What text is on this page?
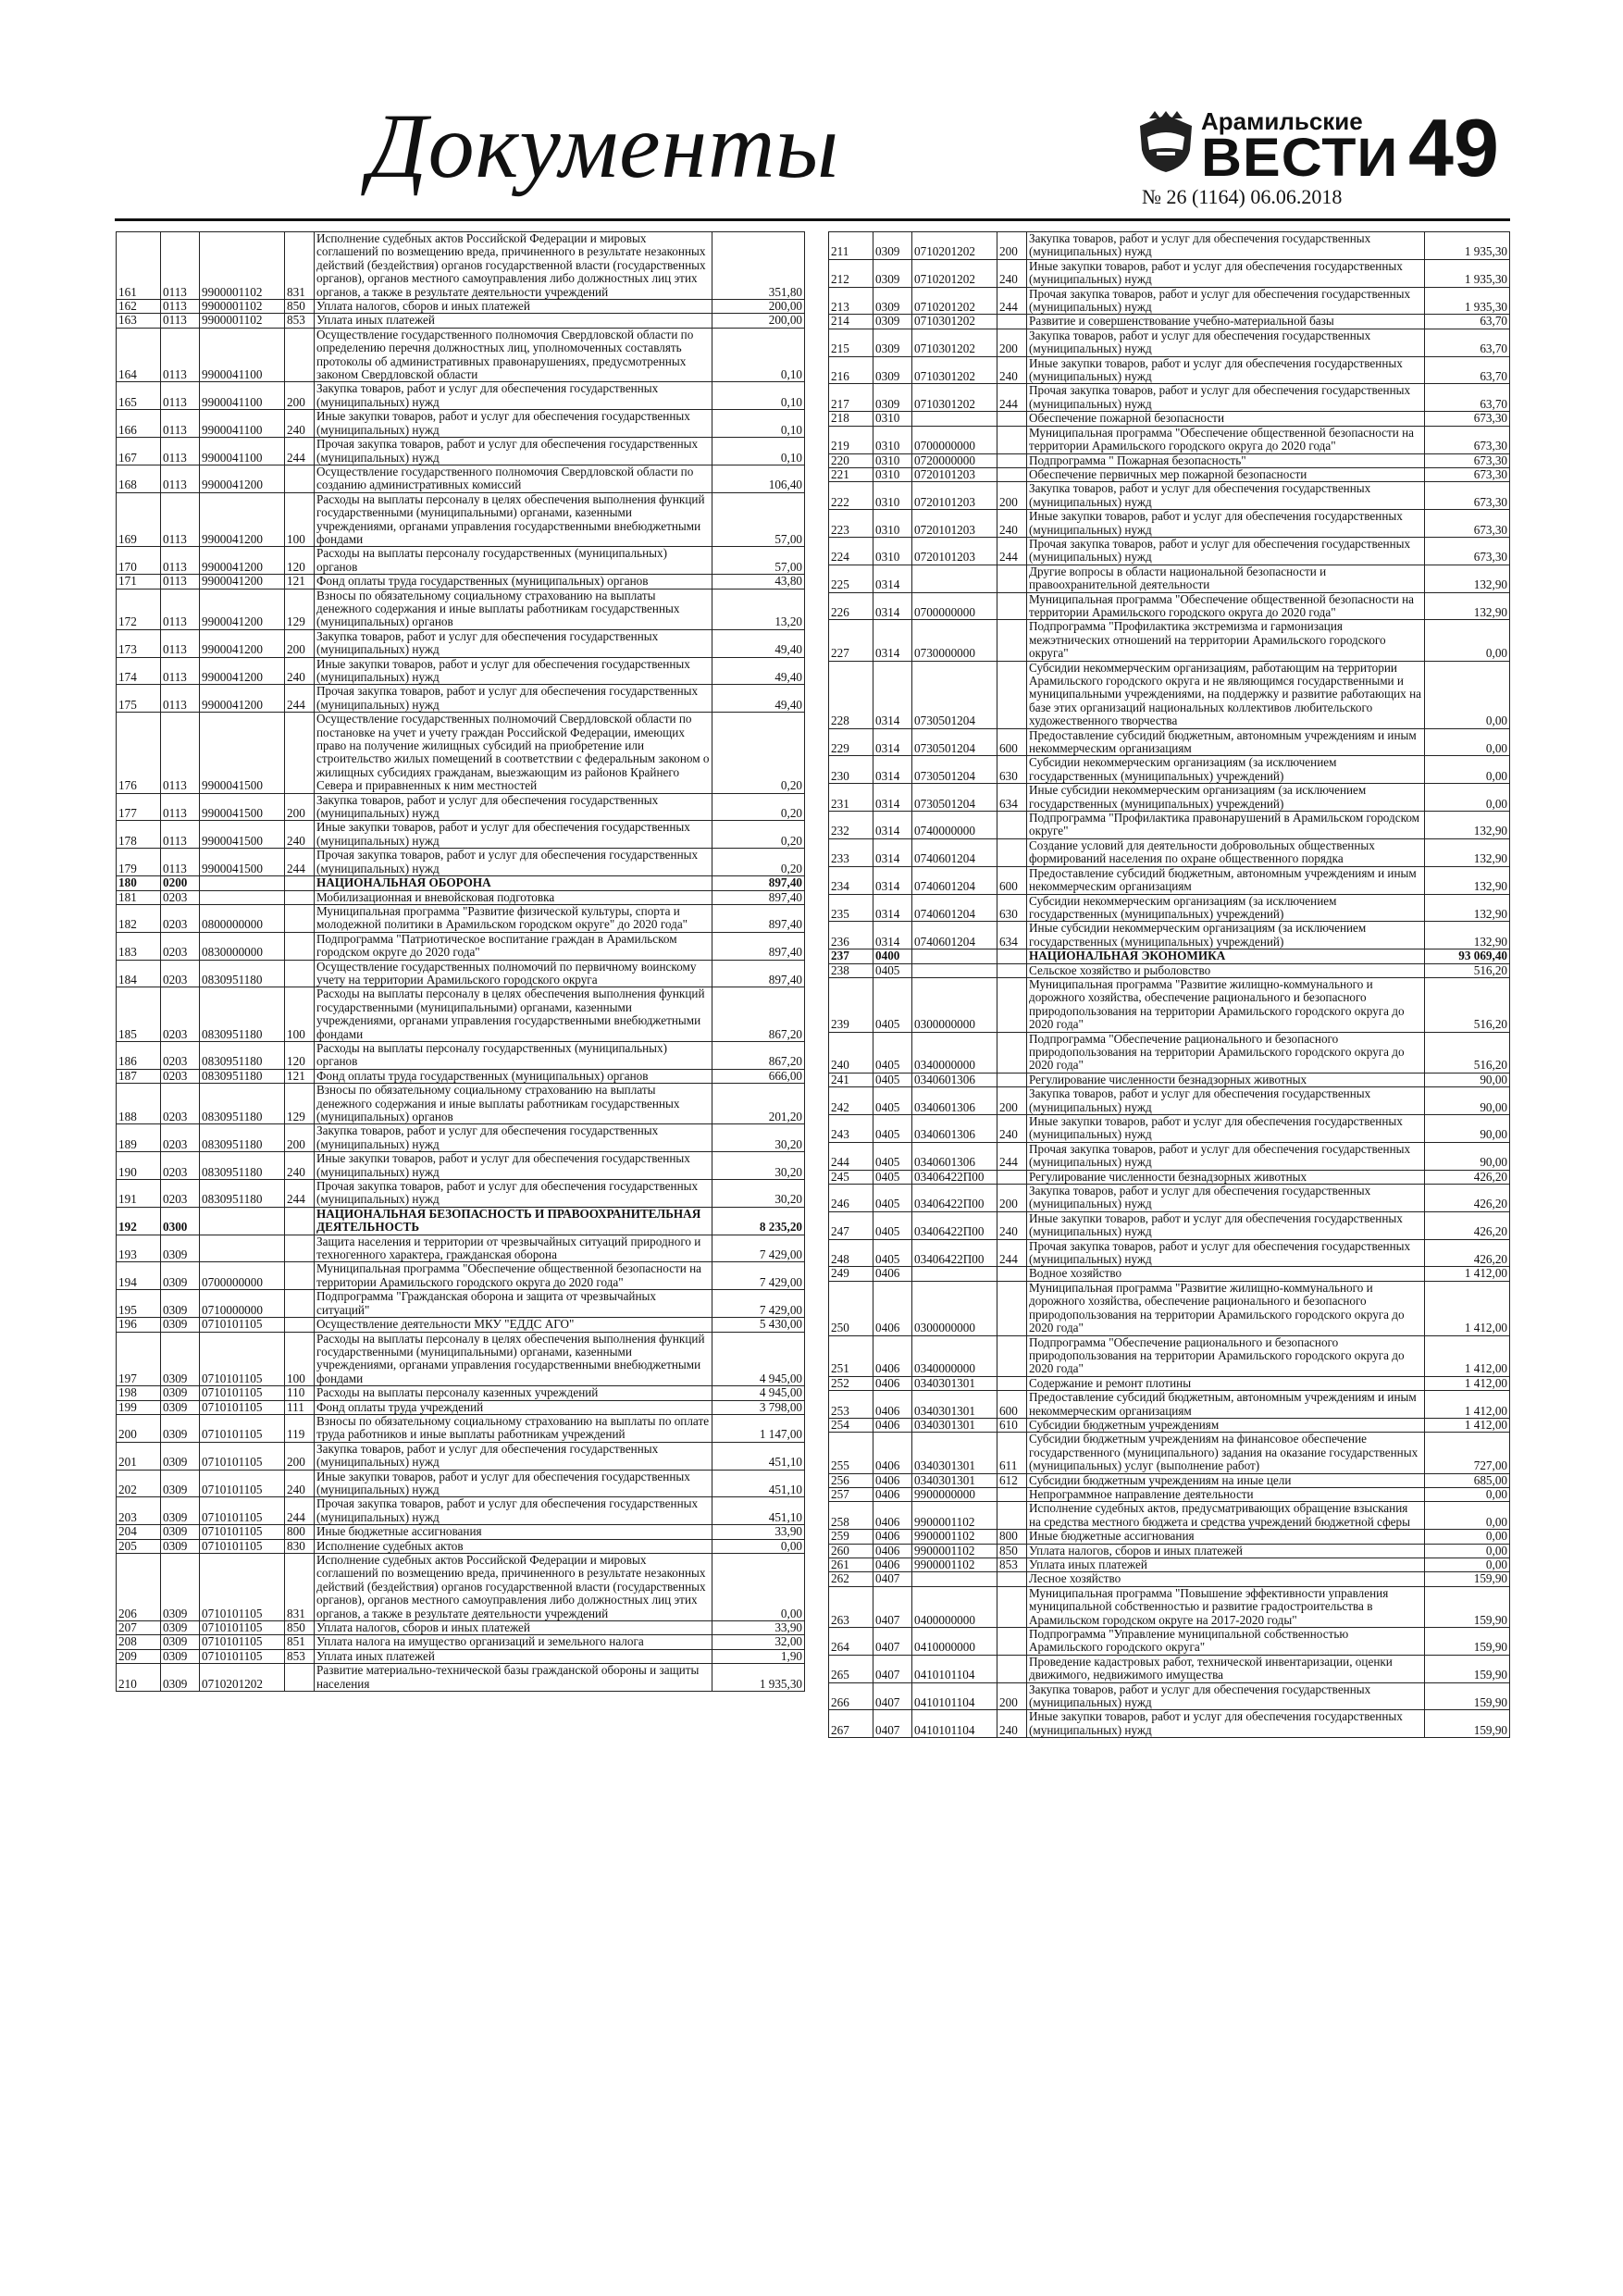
Документы	Арамильские
ВЕСТИ
№ 26 (1164) 06.06.2018
49
161	0113	9900001102	831	Исполнение судебных актов Российской Федерации и мировых соглашений по возмещению вреда, причиненного в результате незаконных действий (бездействия) органов государственной власти (государственных органов), органов местного самоуправления либо должностных лиц этих органов, а также в результате деятельности учреждений	351,80
162	0113	9900001102	850	Уплата налогов, сборов и иных платежей	200,00
163	0113	9900001102	853	Уплата иных платежей	200,00
164	0113	9900041100		Осуществление государственного полномочия Свердловской области по определению перечня должностных лиц, уполномоченных составлять протоколы об административных правонарушениях, предусмотренных законом Свердловской области	0,10
165	0113	9900041100	200	Закупка товаров, работ и услуг для обеспечения государственных (муниципальных) нужд	0,10
166	0113	9900041100	240	Иные закупки товаров, работ и услуг для обеспечения государственных (муниципальных) нужд	0,10
167	0113	9900041100	244	Прочая закупка товаров, работ и услуг для обеспечения государственных (муниципальных) нужд	0,10
168	0113	9900041200		Осуществление государственного полномочия Свердловской области по созданию административных комиссий	106,40
169	0113	9900041200	100	Расходы на выплаты персоналу в целях обеспечения выполнения функций государственными (муниципальными) органами, казенными учреждениями, органами управления государственными внебюджетными фондами	57,00
170	0113	9900041200	120	Расходы на выплаты персоналу государственных (муниципальных) органов	57,00
171	0113	9900041200	121	Фонд оплаты труда государственных (муниципальных) органов	43,80
172	0113	9900041200	129	Взносы по обязательному социальному страхованию на выплаты денежного содержания и иные выплаты работникам государственных (муниципальных) органов	13,20
173	0113	9900041200	200	Закупка товаров, работ и услуг для обеспечения государственных (муниципальных) нужд	49,40
174	0113	9900041200	240	Иные закупки товаров, работ и услуг для обеспечения государственных (муниципальных) нужд	49,40
175	0113	9900041200	244	Прочая закупка товаров, работ и услуг для обеспечения государственных (муниципальных) нужд	49,40
176	0113	9900041500		Осуществление государственных полномочий Свердловской области по постановке на учет и учету граждан Российской Федерации, имеющих право на получение жилищных субсидий на приобретение или строительство жилых помещений в соответствии с федеральным законом о жилищных субсидиях гражданам, выезжающим из районов Крайнего Севера и приравненных к ним местностей	0,20
177	0113	9900041500	200	Закупка товаров, работ и услуг для обеспечения государственных (муниципальных) нужд	0,20
178	0113	9900041500	240	Иные закупки товаров, работ и услуг для обеспечения государственных (муниципальных) нужд	0,20
179	0113	9900041500	244	Прочая закупка товаров, работ и услуг для обеспечения государственных (муниципальных) нужд	0,20
180	0200			НАЦИОНАЛЬНАЯ ОБОРОНА	897,40
181	0203			Мобилизационная и вневойсковая подготовка	897,40
182	0203	0800000000		Муниципальная программа "Развитие физической культуры, спорта и молодежной политики в Арамильском городском округе" до 2020 года"	897,40
183	0203	0830000000		Подпрограмма "Патриотическое воспитание граждан в Арамильском городском округе до 2020 года"	897,40
184	0203	0830951180		Осуществление государственных полномочий по первичному воинскому учету на территории Арамильского городского округа	897,40
185	0203	0830951180	100	Расходы на выплаты персоналу в целях обеспечения выполнения функций государственными (муниципальными) органами, казенными учреждениями, органами управления государственными внебюджетными фондами	867,20
186	0203	0830951180	120	Расходы на выплаты персоналу государственных (муниципальных) органов	867,20
187	0203	0830951180	121	Фонд оплаты труда государственных (муниципальных) органов	666,00
188	0203	0830951180	129	Взносы по обязательному социальному страхованию на выплаты денежного содержания и иные выплаты работникам государственных (муниципальных) органов	201,20
189	0203	0830951180	200	Закупка товаров, работ и услуг для обеспечения государственных (муниципальных) нужд	30,20
190	0203	0830951180	240	Иные закупки товаров, работ и услуг для обеспечения государственных (муниципальных) нужд	30,20
191	0203	0830951180	244	Прочая закупка товаров, работ и услуг для обеспечения государственных (муниципальных) нужд	30,20
192	0300			НАЦИОНАЛЬНАЯ БЕЗОПАСНОСТЬ И ПРАВООХРАНИТЕЛЬНАЯ ДЕЯТЕЛЬНОСТЬ	8 235,20
193	0309			Защита населения и территории от чрезвычайных ситуаций природного и техногенного характера, гражданская оборона	7 429,00
194	0309	0700000000		Муниципальная программа "Обеспечение общественной безопасности на территории Арамильского городского округа до 2020 года"	7 429,00
195	0309	0710000000		Подпрограмма "Гражданская оборона и защита от чрезвычайных ситуаций"	7 429,00
196	0309	0710101105		Осуществление деятельности МКУ "ЕДДС АГО"	5 430,00
197	0309	0710101105	100	Расходы на выплаты персоналу в целях обеспечения выполнения функций государственными (муниципальными) органами, казенными учреждениями, органами управления государственными внебюджетными фондами	4 945,00
198	0309	0710101105	110	Расходы на выплаты персоналу казенных учреждений	4 945,00
199	0309	0710101105	111	Фонд оплаты труда учреждений	3 798,00
200	0309	0710101105	119	Взносы по обязательному социальному страхованию на выплаты по оплате труда работников и иные выплаты работникам учреждений	1 147,00
201	0309	0710101105	200	Закупка товаров, работ и услуг для обеспечения государственных (муниципальных) нужд	451,10
202	0309	0710101105	240	Иные закупки товаров, работ и услуг для обеспечения государственных (муниципальных) нужд	451,10
203	0309	0710101105	244	Прочая закупка товаров, работ и услуг для обеспечения государственных (муниципальных) нужд	451,10
204	0309	0710101105	800	Иные бюджетные ассигнования	33,90
205	0309	0710101105	830	Исполнение судебных актов	0,00
206	0309	0710101105	831	Исполнение судебных актов Российской Федерации и мировых соглашений по возмещению вреда, причиненного в результате незаконных действий (бездействия) органов государственной власти (государственных органов), органов местного самоуправления либо должностных лиц этих органов, а также в результате деятельности учреждений	0,00
207	0309	0710101105	850	Уплата налогов, сборов и иных платежей	33,90
208	0309	0710101105	851	Уплата налога на имущество организаций и земельного налога	32,00
209	0309	0710101105	853	Уплата иных платежей	1,90
210	0309	0710201202		Развитие материально-технической базы гражданской обороны и защиты населения	1 935,30
211	0309	0710201202	200	Закупка товаров, работ и услуг для обеспечения государственных (муниципальных) нужд	1 935,30
212	0309	0710201202	240	Иные закупки товаров, работ и услуг для обеспечения государственных (муниципальных) нужд	1 935,30
213	0309	0710201202	244	Прочая закупка товаров, работ и услуг для обеспечения государственных (муниципальных) нужд	1 935,30
214	0309	0710301202		Развитие и совершенствование учебно-материальной базы	63,70
215	0309	0710301202	200	Закупка товаров, работ и услуг для обеспечения государственных (муниципальных) нужд	63,70
216	0309	0710301202	240	Иные закупки товаров, работ и услуг для обеспечения государственных (муниципальных) нужд	63,70
217	0309	0710301202	244	Прочая закупка товаров, работ и услуг для обеспечения государственных (муниципальных) нужд	63,70
218	0310			Обеспечение пожарной безопасности	673,30
219	0310	0700000000		Муниципальная программа "Обеспечение общественной безопасности на территории Арамильского городского округа до 2020 года"	673,30
220	0310	0720000000		Подпрограмма " Пожарная безопасность"	673,30
221	0310	0720101203		Обеспечение первичных мер пожарной безопасности	673,30
222	0310	0720101203	200	Закупка товаров, работ и услуг для обеспечения государственных (муниципальных) нужд	673,30
223	0310	0720101203	240	Иные закупки товаров, работ и услуг для обеспечения государственных (муниципальных) нужд	673,30
224	0310	0720101203	244	Прочая закупка товаров, работ и услуг для обеспечения государственных (муниципальных) нужд	673,30
225	0314			Другие вопросы в области национальной безопасности и правоохранительной деятельности	132,90
226	0314	0700000000		Муниципальная программа "Обеспечение общественной безопасности на территории Арамильского городского округа до 2020 года"	132,90
227	0314	0730000000		Подпрограмма "Профилактика экстремизма и гармонизация межэтнических отношений на территории Арамильского городского округа"	0,00
228	0314	0730501204		Субсидии некоммерческим организациям, работающим на территории Арамильского городского округа и не являющимся государственными и муниципальными учреждениями, на поддержку и развитие работающих на базе этих организаций национальных коллективов любительского художественного творчества	0,00
229	0314	0730501204	600	Предоставление субсидий бюджетным, автономным учреждениям и иным некоммерческим организациям	0,00
230	0314	0730501204	630	Субсидии некоммерческим организациям (за исключением государственных (муниципальных) учреждений)	0,00
231	0314	0730501204	634	Иные субсидии некоммерческим организациям (за исключением государственных (муниципальных) учреждений)	0,00
232	0314	0740000000		Подпрограмма "Профилактика правонарушений в Арамильском городском округе"	132,90
233	0314	0740601204		Создание условий для деятельности добровольных общественных формирований населения по охране общественного порядка	132,90
234	0314	0740601204	600	Предоставление субсидий бюджетным, автономным учреждениям и иным некоммерческим организациям	132,90
235	0314	0740601204	630	Субсидии некоммерческим организациям (за исключением государственных (муниципальных) учреждений)	132,90
236	0314	0740601204	634	Иные субсидии некоммерческим организациям (за исключением государственных (муниципальных) учреждений)	132,90
237	0400			НАЦИОНАЛЬНАЯ ЭКОНОМИКА	93 069,40
238	0405			Сельское хозяйство и рыболовство	516,20
239	0405	0300000000		Муниципальная программа "Развитие жилищно-коммунального и дорожного хозяйства, обеспечение рационального и безопасного природопользования на территории Арамильского городского округа до 2020 года"	516,20
240	0405	0340000000		Подпрограмма "Обеспечение рационального и безопасного природопользования на территории Арамильского городского округа до 2020 года"	516,20
241	0405	0340601306		Регулирование численности безнадзорных животных	90,00
242	0405	0340601306	200	Закупка товаров, работ и услуг для обеспечения государственных (муниципальных) нужд	90,00
243	0405	0340601306	240	Иные закупки товаров, работ и услуг для обеспечения государственных (муниципальных) нужд	90,00
244	0405	0340601306	244	Прочая закупка товаров, работ и услуг для обеспечения государственных (муниципальных) нужд	90,00
245	0405	03406422П00		Регулирование численности безнадзорных животных	426,20
246	0405	03406422П00	200	Закупка товаров, работ и услуг для обеспечения государственных (муниципальных) нужд	426,20
247	0405	03406422П00	240	Иные закупки товаров, работ и услуг для обеспечения государственных (муниципальных) нужд	426,20
248	0405	03406422П00	244	Прочая закупка товаров, работ и услуг для обеспечения государственных (муниципальных) нужд	426,20
249	0406			Водное хозяйство	1 412,00
250	0406	0300000000		Муниципальная программа "Развитие жилищно-коммунального и дорожного хозяйства, обеспечение рационального и безопасного природопользования на территории Арамильского городского округа до 2020 года"	1 412,00
251	0406	0340000000		Подпрограмма "Обеспечение рационального и безопасного природопользования на территории Арамильского городского округа до 2020 года"	1 412,00
252	0406	0340301301		Содержание и ремонт плотины	1 412,00
253	0406	0340301301	600	Предоставление субсидий бюджетным, автономным учреждениям и иным некоммерческим организациям	1 412,00
254	0406	0340301301	610	Субсидии бюджетным учреждениям	1 412,00
255	0406	0340301301	611	Субсидии бюджетным учреждениям на финансовое обеспечение государственного (муниципального) задания на оказание государственных (муниципальных) услуг (выполнение работ)	727,00
256	0406	0340301301	612	Субсидии бюджетным учреждениям на иные цели	685,00
257	0406	9900000000		Непрограммное направление деятельности	0,00
258	0406	9900001102		Исполнение судебных актов, предусматривающих обращение взыскания на средства местного бюджета и средства учреждений бюджетной сферы	0,00
259	0406	9900001102	800	Иные бюджетные ассигнования	0,00
260	0406	9900001102	850	Уплата налогов, сборов и иных платежей	0,00
261	0406	9900001102	853	Уплата иных платежей	0,00
262	0407			Лесное хозяйство	159,90
263	0407	0400000000		Муниципальная программа "Повышение эффективности управления муниципальной собственностью и развитие градостроительства в Арамильском городском округе на 2017-2020 годы"	159,90
264	0407	0410000000		Подпрограмма "Управление муниципальной собственностью Арамильского городского округа"	159,90
265	0407	0410101104		Проведение кадастровых работ, технической инвентаризации, оценки движимого, недвижимого имущества	159,90
266	0407	0410101104	200	Закупка товаров, работ и услуг для обеспечения государственных (муниципальных) нужд	159,90
267	0407	0410101104	240	Иные закупки товаров, работ и услуг для обеспечения государственных (муниципальных) нужд	159,90
